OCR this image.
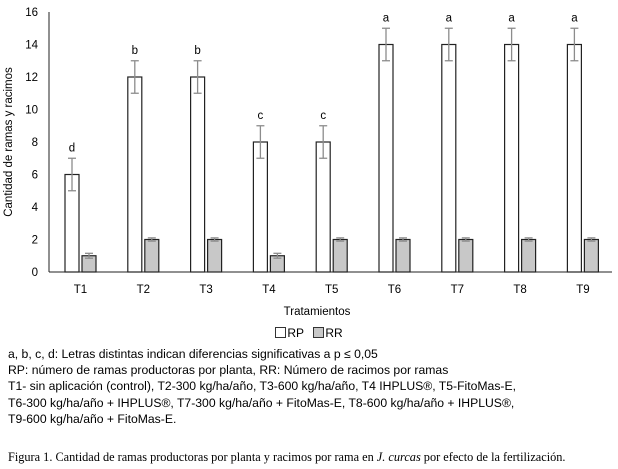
0
2
4
6
8
10
12
14
16
d
b	b
c	c
a	a	a	a
T1	T2	T3	T4	T5	T6	T7	T8	T9
Cantidad de ramas y racimos
Tratamientos
RP RR
a, b, c, d: Letras distintas indican diferencias significativas a p ≤ 0,05
RP: número de ramas productoras por planta, RR: Número de racimos por ramas
T1- sin aplicación (control), T2-300 kg/ha/año, T3-600 kg/ha/año, T4 IHPLUS®, T5-FitoMas-E,
T6-300 kg/ha/año + IHPLUS®, T7-300 kg/ha/año + FitoMas-E, T8-600 kg/ha/año + IHPLUS®,
T9-600 kg/ha/año + FitoMas-E.
Figura 1. Cantidad de ramas productoras por planta y racimos por rama en J. curcas por efecto de la fertilización.
